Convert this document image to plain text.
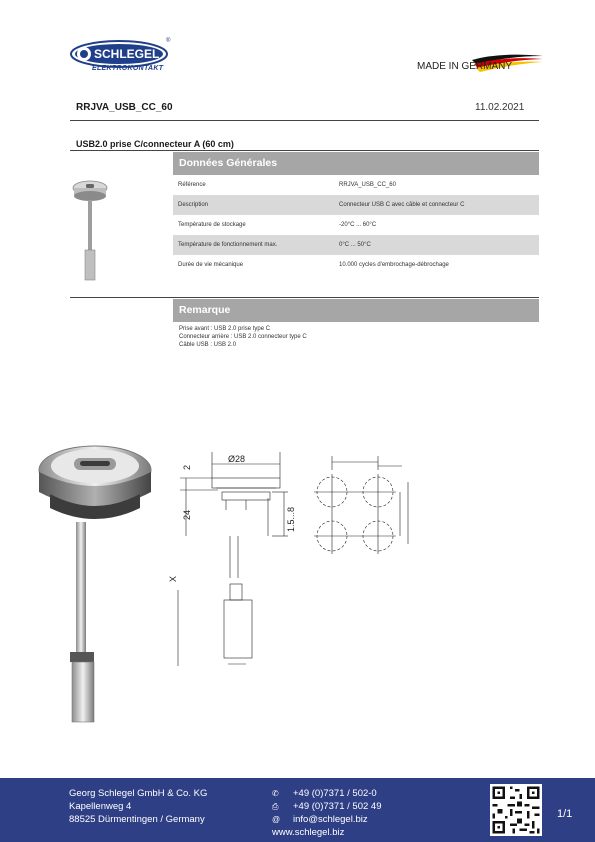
SCHLEGEL
®
ELEKTROKONTAKT	MADE IN GERMANY
RRJVA_USB_CC_60	11.02.2021
USB2.0 prise C/connecteur A (60 cm)
Données Générales
Référence	RRJVA_USB_CC_60
Description	Connecteur USB C avec câble et connecteur C
Température de stockage	-20°C ... 60°C
Température de fonctionnement max.	0°C ... 50°C
Durée de vie mécanique	10.000 cycles d'embrochage-débrochage
Remarque
Prise avant : USB 2.0 prise type C
Connecteur arrière : USB 2.0 connecteur type C
Câble USB : USB 2.0
Ø28
2
24	1.5...8
X
Georg Schlegel GmbH & Co. KG
Kapellenweg 4
88525 Dürmentingen / Germany
✆ +49 (0)7371 / 502-0
⎙ +49 (0)7371 / 502 49
@ info@schlegel.biz
www.schlegel.biz
1/1
